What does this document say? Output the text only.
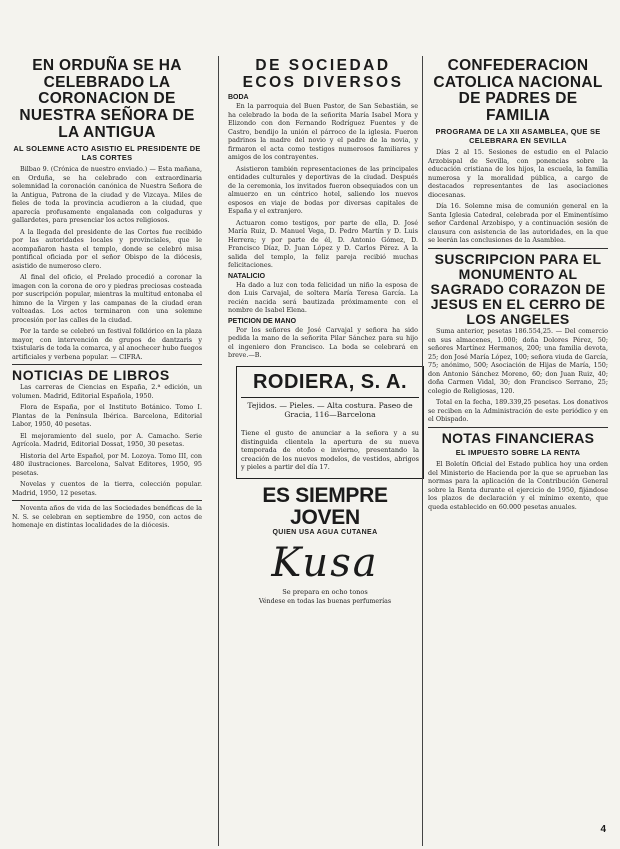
EN ORDUÑA SE HA CELEBRADO LA CORONACION DE NUESTRA SEÑORA DE LA ANTIGUA
AL SOLEMNE ACTO ASISTIO EL PRESIDENTE DE LAS CORTES

Bilbao 9. (Crónica de nuestro enviado.) — Esta mañana, en Orduña, se ha celebrado con extraordinaria solemnidad la coronación canónica de Nuestra Señora de la Antigua, Patrona de la ciudad y de Vizcaya. Miles de fieles de toda la provincia acudieron a la ciudad, que aparecía profusamente engalanada con colgaduras y gallardetes, para presenciar los actos religiosos.

A la llegada del presidente de las Cortes fue recibido por las autoridades locales y provinciales, que le acompañaron hasta el templo, donde se celebró misa pontifical oficiada por el señor Obispo de la diócesis, asistido de numeroso clero.

Al final del oficio, el Prelado procedió a coronar la imagen con la corona de oro y piedras preciosas costeada por suscripción popular, mientras la multitud entonaba el himno de la Virgen y las campanas de la ciudad eran volteadas. Los actos terminaron con una solemne procesión por las calles de la ciudad.

Por la tarde se celebró un festival folklórico en la plaza mayor, con intervención de grupos de dantzaris y txistularis de toda la comarca, y al anochecer hubo fuegos artificiales y verbena popular. — CIFRA.

NOTICIAS DE LIBROS

Las carreras de Ciencias en España, 2.ª edición, un volumen. Madrid, Editorial Española, 1950.

Flora de España, por el Instituto Botánico. Tomo I. Plantas de la Península Ibérica. Barcelona, Editorial Labor, 1950, 40 pesetas.

El mejoramiento del suelo, por A. Camacho. Serie Agrícola. Madrid, Editorial Dossat, 1950, 30 pesetas.

Historia del Arte Español, por M. Lozoya. Tomo III, con 480 ilustraciones. Barcelona, Salvat Editores, 1950, 95 pesetas.

Novelas y cuentos de la tierra, colección popular. Madrid, 1950, 12 pesetas.

Noventa años de vida de las Sociedades benéficas de la N. S. se celebran en septiembre de 1950, con actos de homenaje en distintas localidades de la diócesis.

DE SOCIEDAD ECOS DIVERSOS
BODA

En la parroquia del Buen Pastor, de San Sebastián, se ha celebrado la boda de la señorita María Isabel Mora y Elizondo con don Fernando Rodríguez Fuentes y de Castro, bendijo la unión el párroco de la iglesia. Fueron padrinos la madre del novio y el padre de la novia, y firmaron el acta como testigos numerosos familiares y amigos de los contrayentes.

Asistieron también representaciones de las principales entidades culturales y deportivas de la ciudad. Después de la ceremonia, los invitados fueron obsequiados con un almuerzo en un céntrico hotel, saliendo los nuevos esposos en viaje de bodas por diversas capitales de España y el extranjero.

Actuaron como testigos, por parte de ella, D. José María Ruiz, D. Manuel Vega, D. Pedro Martín y D. Luis Herrera; y por parte de él, D. Antonio Gómez, D. Francisco Díaz, D. Juan López y D. Carlos Pérez. A la salida del templo, la feliz pareja recibió muchas felicitaciones.

NATALICIO

Ha dado a luz con toda felicidad un niño la esposa de don Luis Carvajal, de soltera María Teresa García. La recién nacida será bautizada próximamente con el nombre de Isabel Elena.

PETICION DE MANO

Por los señores de José Carvajal y señora ha sido pedida la mano de la señorita Pilar Sánchez para su hijo el ingeniero don Francisco. La boda se celebrará en breve.—B.

RODIERA, S. A.
Tejidos. — Pieles. — Alta costura. Paseo de Gracia, 116—Barcelona
Tiene el gusto de anunciar a la señora y a su distinguida clientela la apertura de su nueva temporada de otoño e invierno, presentando la creación de los nuevos modelos, de vestidos, abrigos y pieles a partir del día 17.
ES SIEMPRE JOVEN
QUIEN USA AGUA CUTANEA
Kusa
Se prepara en ocho tonos
Véndese en todas las buenas perfumerías
CONFEDERACION CATOLICA NACIONAL DE PADRES DE FAMILIA
PROGRAMA DE LA XII ASAMBLEA, QUE SE CELEBRARA EN SEVILLA

Días 2 al 15. Sesiones de estudio en el Palacio Arzobispal de Sevilla, con ponencias sobre la educación cristiana de los hijos, la escuela, la familia numerosa y la moralidad pública, a cargo de destacados representantes de las asociaciones diocesanas.

Día 16. Solemne misa de comunión general en la Santa Iglesia Catedral, celebrada por el Eminentísimo señor Cardenal Arzobispo, y a continuación sesión de clausura con asistencia de las autoridades, en la que se leerán las conclusiones de la Asamblea.

SUSCRIPCION PARA EL MONUMENTO AL SAGRADO CORAZON DE JESUS EN EL CERRO DE LOS ANGELES

Suma anterior, pesetas 186.554,25. — Del comercio en sus almacenes, 1.000; doña Dolores Pérez, 50; señores Martínez Hermanos, 200; una familia devota, 25; don José María López, 100; señora viuda de García, 75; anónimo, 500; Asociación de Hijas de María, 150; don Antonio Sánchez Moreno, 60; don Juan Ruiz, 40; doña Carmen Vidal, 30; don Francisco Serrano, 25; colegio de Religiosas, 120.

Total en la fecha, 189.339,25 pesetas. Los donativos se reciben en la Administración de este periódico y en el Obispado.

NOTAS FINANCIERAS
EL IMPUESTO SOBRE LA RENTA

El Boletín Oficial del Estado publica hoy una orden del Ministerio de Hacienda por la que se aprueban las normas para la aplicación de la Contribución General sobre la Renta durante el ejercicio de 1950, fijándose los plazos de declaración y el mínimo exento, que queda establecido en 60.000 pesetas anuales.

4
